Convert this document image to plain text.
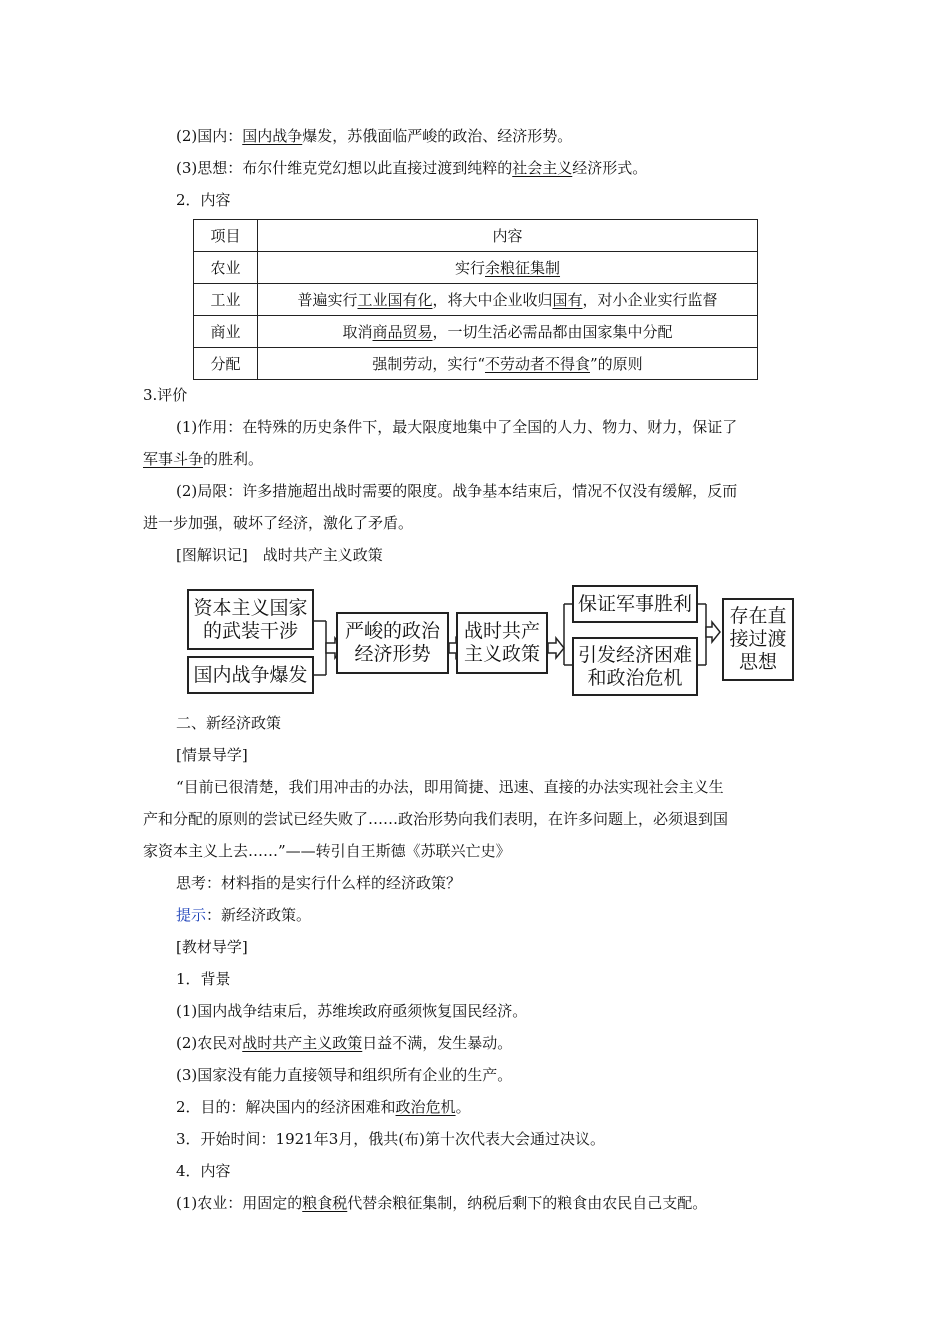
(2)国内：国内战争爆发，苏俄面临严峻的政治、经济形势。
(3)思想：布尔什维克党幻想以此直接过渡到纯粹的社会主义经济形式。
2．内容
项目	内容
农业	实行余粮征集制
工业	普遍实行工业国有化，将大中企业收归国有，对小企业实行监督
商业	取消商品贸易，一切生活必需品都由国家集中分配
分配	强制劳动，实行“不劳动者不得食”的原则
3.评价
(1)作用：在特殊的历史条件下，最大限度地集中了全国的人力、物力、财力，保证了
军事斗争的胜利。
(2)局限：许多措施超出战时需要的限度。战争基本结束后，情况不仅没有缓解，反而
进一步加强，破坏了经济，激化了矛盾。
[图解识记]　战时共产主义政策
资本主义国家
的武装干涉
国内战争爆发
严峻的政治
经济形势
战时共产
主义政策
保证军事胜利
引发经济困难
和政治危机
存在直
接过渡
思想
二、新经济政策
[情景导学]
“目前已很清楚，我们用冲击的办法，即用简捷、迅速、直接的办法实现社会主义生
产和分配的原则的尝试已经失败了……政治形势向我们表明，在许多问题上，必须退到国
家资本主义上去……”——转引自王斯德《苏联兴亡史》
思考：材料指的是实行什么样的经济政策？
提示：新经济政策。
[教材导学]
1．背景
(1)国内战争结束后，苏维埃政府亟须恢复国民经济。
(2)农民对战时共产主义政策日益不满，发生暴动。
(3)国家没有能力直接领导和组织所有企业的生产。
2．目的：解决国内的经济困难和政治危机。
3．开始时间：1921年3月，俄共(布)第十次代表大会通过决议。
4．内容
(1)农业：用固定的粮食税代替余粮征集制，纳税后剩下的粮食由农民自己支配。
